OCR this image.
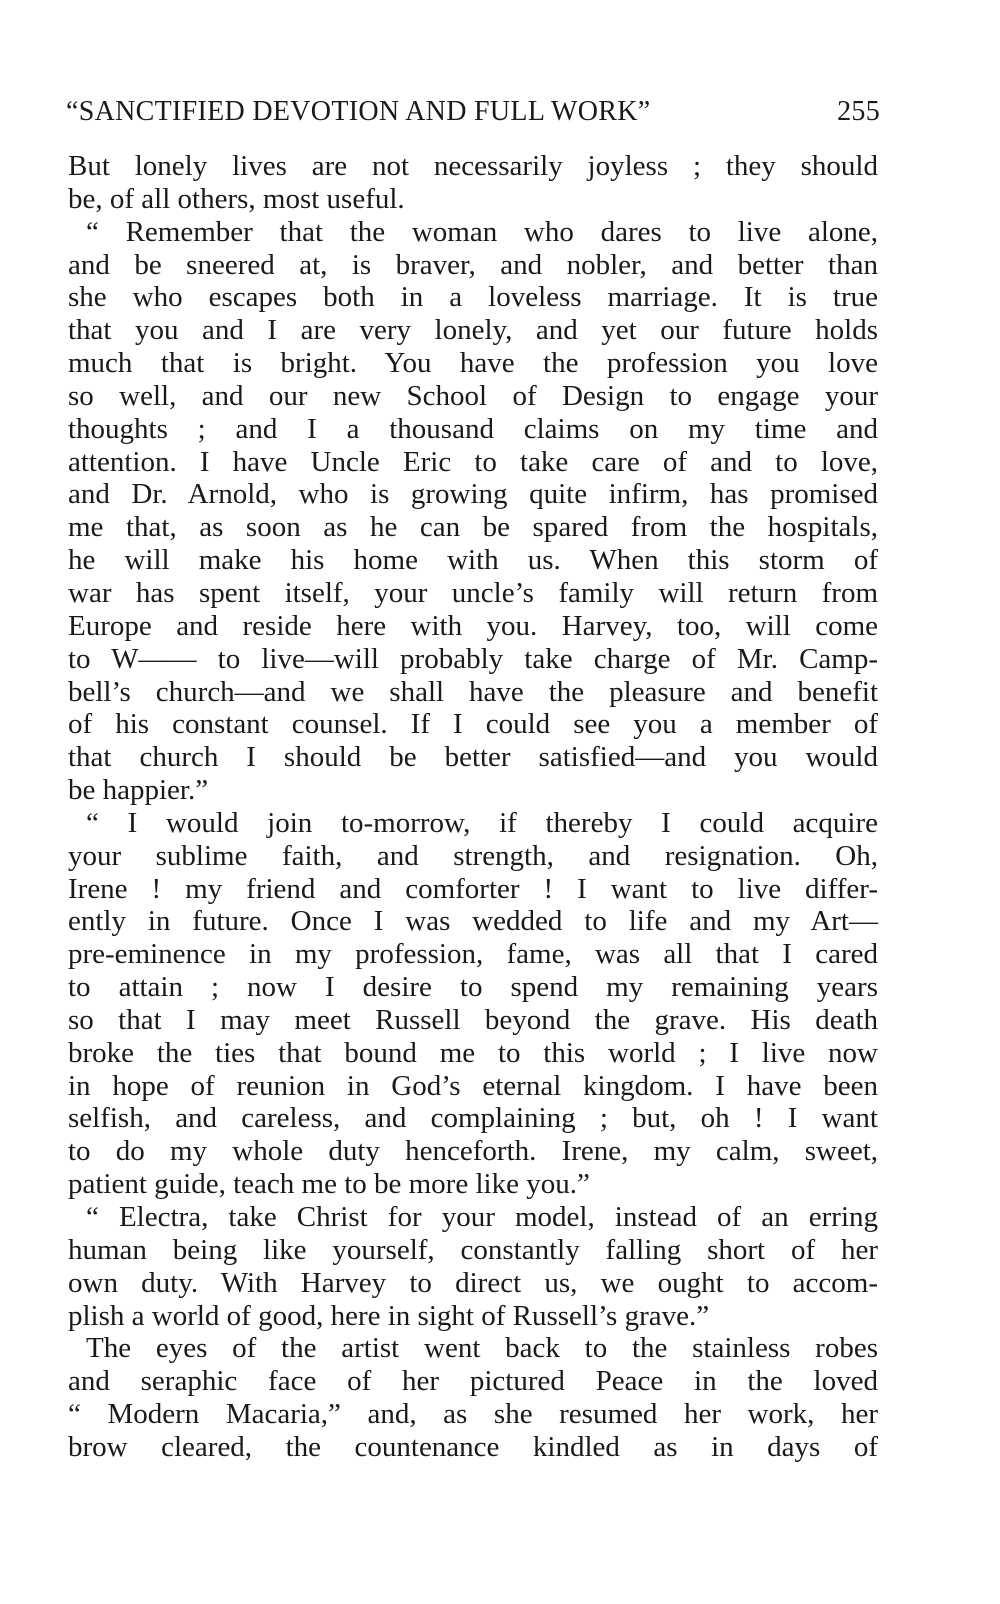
“SANCTIFIED DEVOTION AND FULL WORK”	255
But lonely lives are not necessarily joyless ; they should
be, of all others, most useful.
“ Remember that the woman who dares to live alone,
and be sneered at, is braver, and nobler, and better than
she who escapes both in a loveless marriage. It is true
that you and I are very lonely, and yet our future holds
much that is bright. You have the profession you love
so well, and our new School of Design to engage your
thoughts ; and I a thousand claims on my time and
attention. I have Uncle Eric to take care of and to love,
and Dr. Arnold, who is growing quite infirm, has promised
me that, as soon as he can be spared from the hospitals,
he will make his home with us. When this storm of
war has spent itself, your uncle’s family will return from
Europe and reside here with you. Harvey, too, will come
to W—— to live—will probably take charge of Mr. Camp-
bell’s church—and we shall have the pleasure and benefit
of his constant counsel. If I could see you a member of
that church I should be better satisfied—and you would
be happier.”
“ I would join to-morrow, if thereby I could acquire
your sublime faith, and strength, and resignation. Oh,
Irene ! my friend and comforter ! I want to live differ-
ently in future. Once I was wedded to life and my Art—
pre-eminence in my profession, fame, was all that I cared
to attain ; now I desire to spend my remaining years
so that I may meet Russell beyond the grave. His death
broke the ties that bound me to this world ; I live now
in hope of reunion in God’s eternal kingdom. I have been
selfish, and careless, and complaining ; but, oh ! I want
to do my whole duty henceforth. Irene, my calm, sweet,
patient guide, teach me to be more like you.”
“ Electra, take Christ for your model, instead of an erring
human being like yourself, constantly falling short of her
own duty. With Harvey to direct us, we ought to accom-
plish a world of good, here in sight of Russell’s grave.”
The eyes of the artist went back to the stainless robes
and seraphic face of her pictured Peace in the loved
“ Modern Macaria,” and, as she resumed her work, her
brow cleared, the countenance kindled as in days of
